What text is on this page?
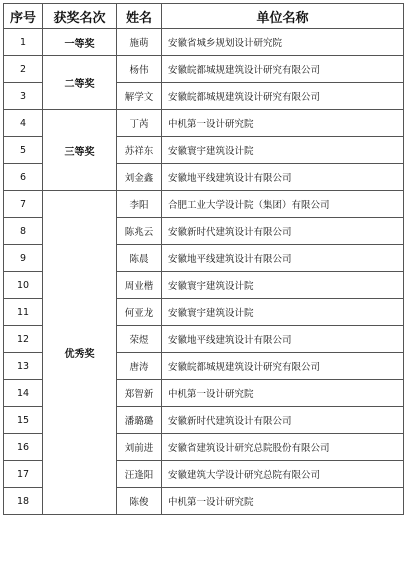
序号	获奖名次	姓名	单位名称
1	一等奖	施萌	安徽省城乡规划设计研究院
2	二等奖	杨伟	安徽皖都城规建筑设计研究有限公司
3		解学文	安徽皖都城规建筑设计研究有限公司
4	三等奖	丁芮	中机第一设计研究院
5		苏祥东	安徽寰宇建筑设计院
6		刘金鑫	安徽地平线建筑设计有限公司
7	优秀奖	李阳	合肥工业大学设计院（集团）有限公司
8		陈兆云	安徽新时代建筑设计有限公司
9		陈晨	安徽地平线建筑设计有限公司
10		周业楷	安徽寰宇建筑设计院
11		何亚龙	安徽寰宇建筑设计院
12		荣煜	安徽地平线建筑设计有限公司
13		唐涛	安徽皖都城规建筑设计研究有限公司
14		郑智新	中机第一设计研究院
15		潘璐璐	安徽新时代建筑设计有限公司
16		刘前进	安徽省建筑设计研究总院股份有限公司
17		汪逢阳	安徽建筑大学设计研究总院有限公司
18		陈俊	中机第一设计研究院
